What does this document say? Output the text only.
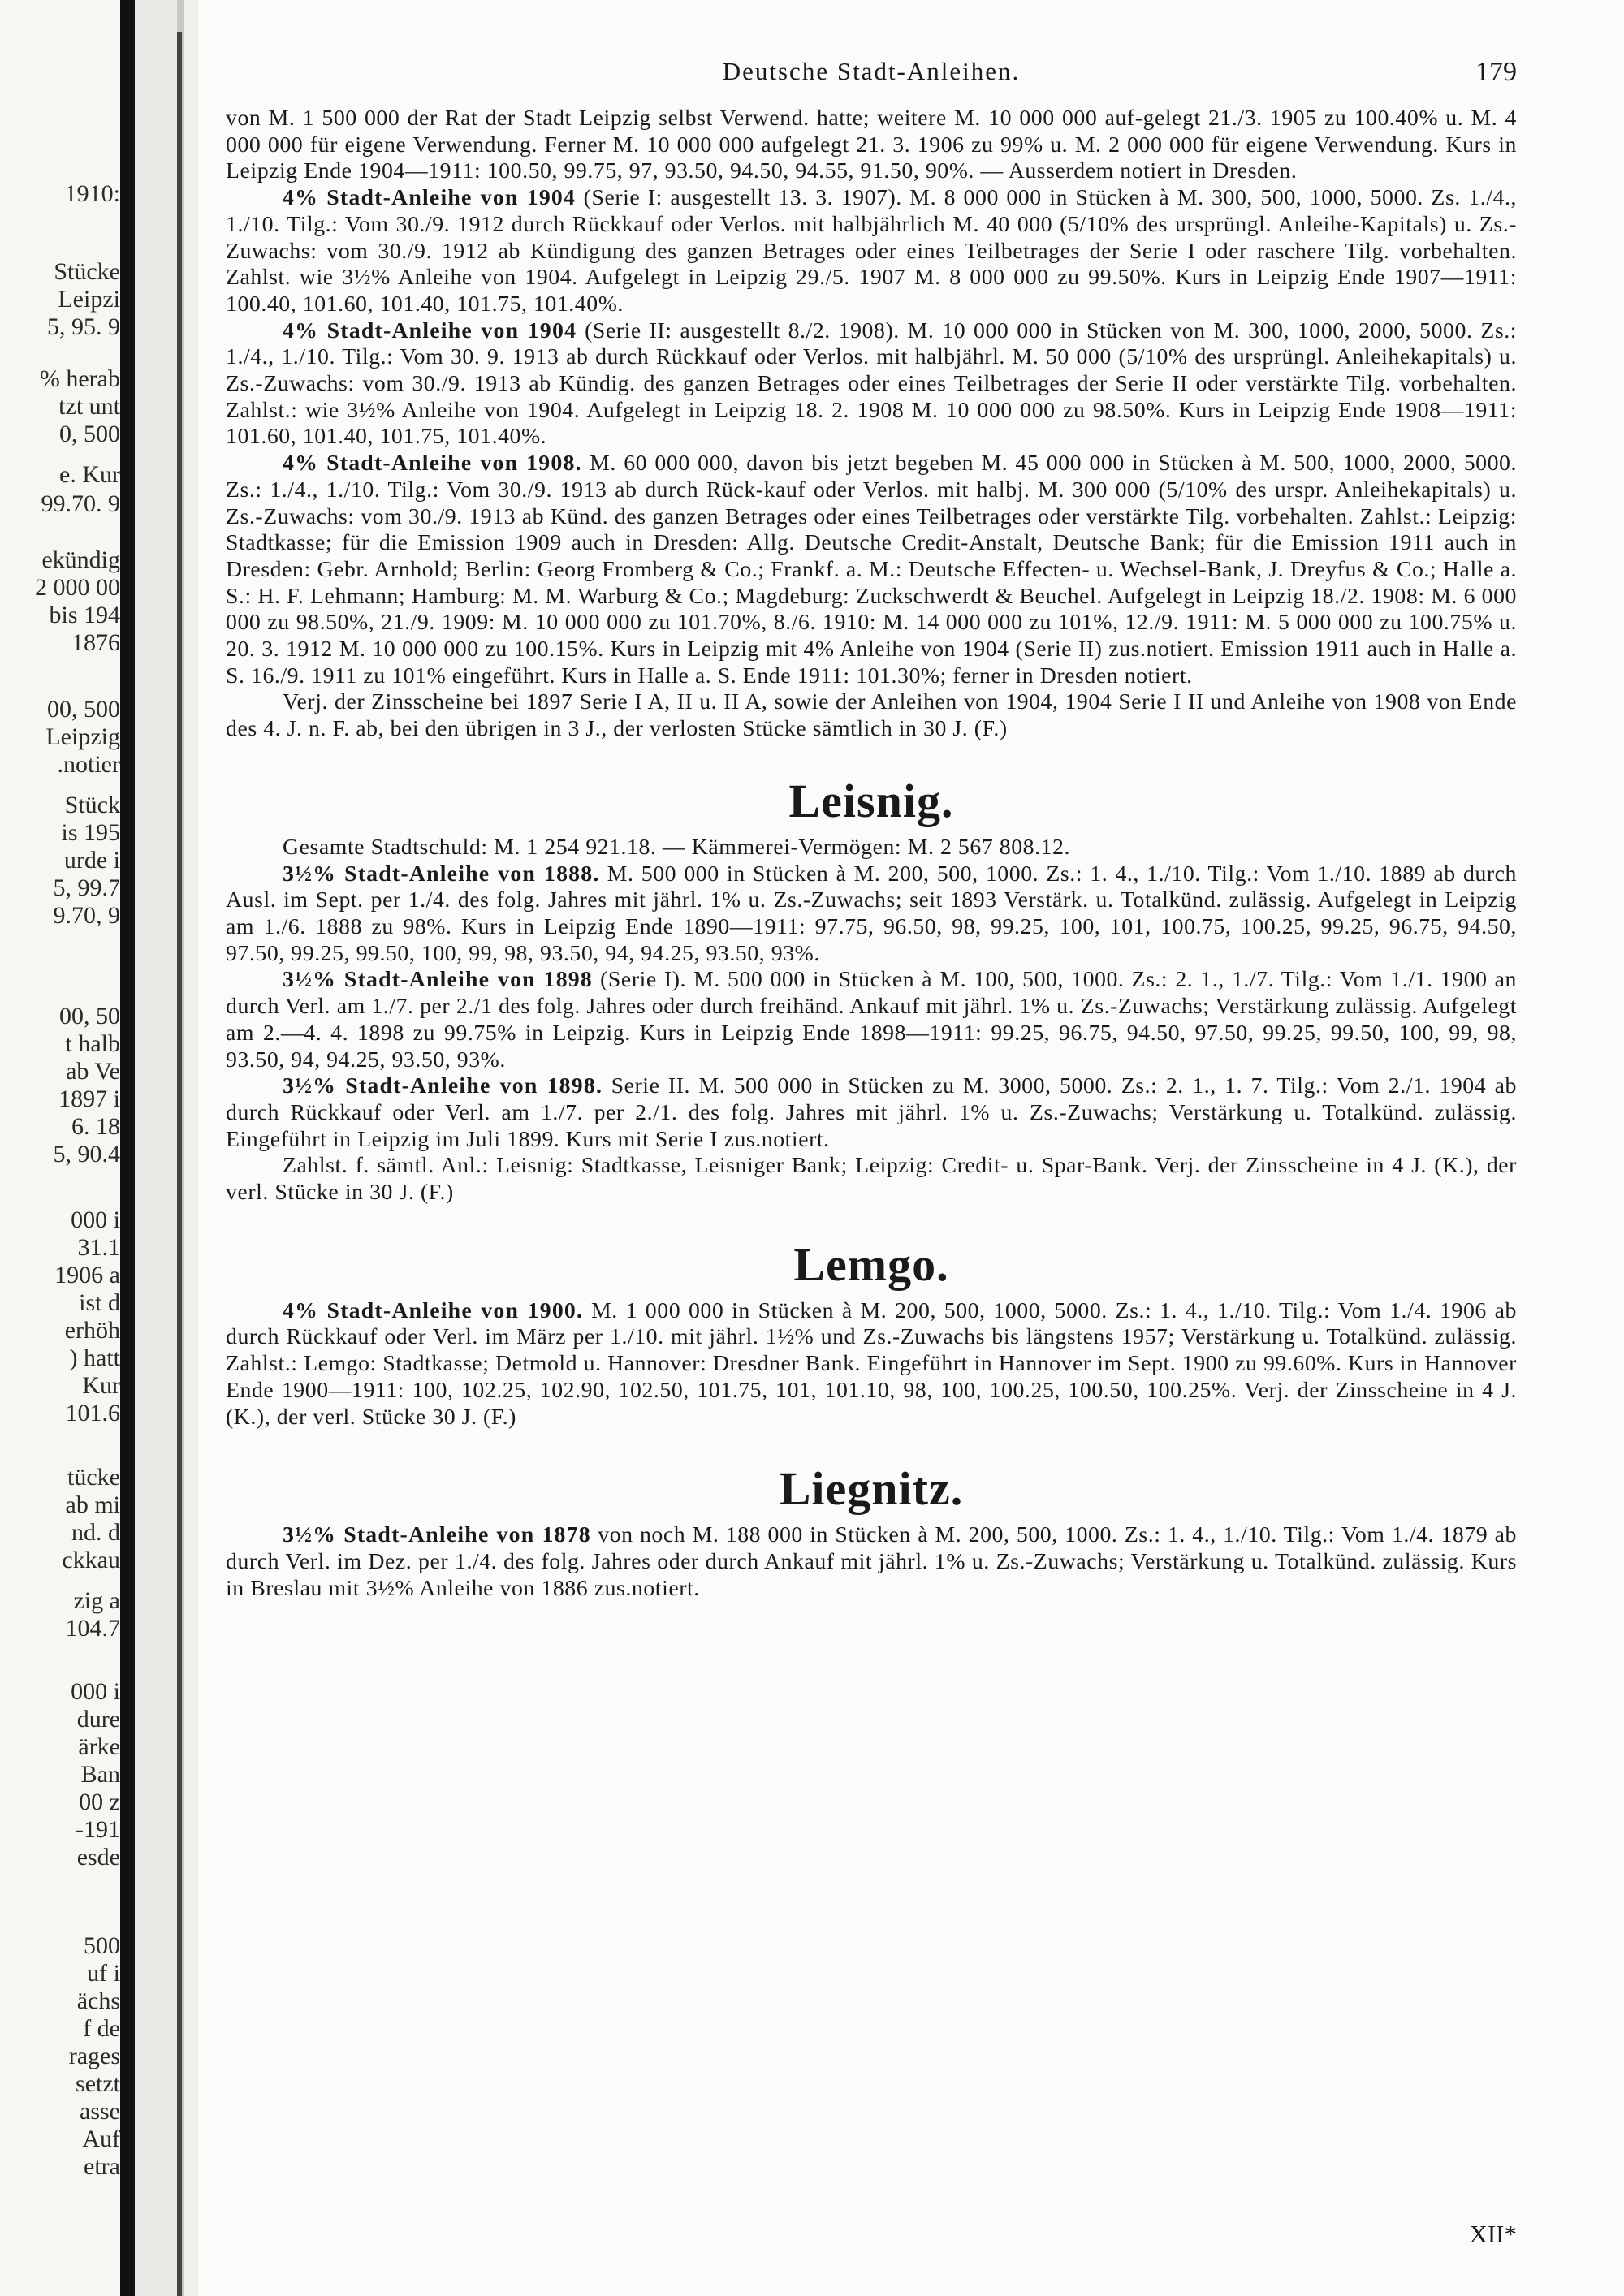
1910:
Stücke
Leipzi
5, 95. 9
% herab
tzt unt
0, 500
e. Kur
99.70. 9
ekündig
2 000 00
bis 194
1876
00, 500
Leipzig
.notier
Stück
is 195
urde i
5, 99.7
9.70, 9
00, 50
t halb
ab Ve
1897 i
6. 18
5, 90.4
000 i
31.1
1906 a
ist d
erhöh
) hatt
Kur
101.6
tücke
ab mi
nd. d
ckkau
zig a
104.7
000 i
dure
ärke
Ban
00 z
-191
esde
500
uf i
ächs
f de
rages
setzt
asse
Auf
etra
Deutsche Stadt-Anleihen.	179

von M. 1 500 000 der Rat der Stadt Leipzig selbst Verwend. hatte; weitere M. 10 000 000 auf-gelegt 21./3. 1905 zu 100.40% u. M. 4 000 000 für eigene Verwendung. Ferner M. 10 000 000 aufgelegt 21. 3. 1906 zu 99% u. M. 2 000 000 für eigene Verwendung. Kurs in Leipzig Ende 1904—1911: 100.50, 99.75, 97, 93.50, 94.50, 94.55, 91.50, 90%. — Ausserdem notiert in Dresden.

4% Stadt-Anleihe von 1904 (Serie I: ausgestellt 13. 3. 1907). M. 8 000 000 in Stücken à M. 300, 500, 1000, 5000. Zs. 1./4., 1./10. Tilg.: Vom 30./9. 1912 durch Rückkauf oder Verlos. mit halbjährlich M. 40 000 (5/10% des ursprüngl. Anleihe-Kapitals) u. Zs.-Zuwachs: vom 30./9. 1912 ab Kündigung des ganzen Betrages oder eines Teilbetrages der Serie I oder raschere Tilg. vorbehalten. Zahlst. wie 3½% Anleihe von 1904. Aufgelegt in Leipzig 29./5. 1907 M. 8 000 000 zu 99.50%. Kurs in Leipzig Ende 1907—1911: 100.40, 101.60, 101.40, 101.75, 101.40%.

4% Stadt-Anleihe von 1904 (Serie II: ausgestellt 8./2. 1908). M. 10 000 000 in Stücken von M. 300, 1000, 2000, 5000. Zs.: 1./4., 1./10. Tilg.: Vom 30. 9. 1913 ab durch Rückkauf oder Verlos. mit halbjährl. M. 50 000 (5/10% des ursprüngl. Anleihekapitals) u. Zs.-Zuwachs: vom 30./9. 1913 ab Kündig. des ganzen Betrages oder eines Teilbetrages der Serie II oder verstärkte Tilg. vorbehalten. Zahlst.: wie 3½% Anleihe von 1904. Aufgelegt in Leipzig 18. 2. 1908 M. 10 000 000 zu 98.50%. Kurs in Leipzig Ende 1908—1911: 101.60, 101.40, 101.75, 101.40%.

4% Stadt-Anleihe von 1908. M. 60 000 000, davon bis jetzt begeben M. 45 000 000 in Stücken à M. 500, 1000, 2000, 5000. Zs.: 1./4., 1./10. Tilg.: Vom 30./9. 1913 ab durch Rück-kauf oder Verlos. mit halbj. M. 300 000 (5/10% des urspr. Anleihekapitals) u. Zs.-Zuwachs: vom 30./9. 1913 ab Künd. des ganzen Betrages oder eines Teilbetrages oder verstärkte Tilg. vorbehalten. Zahlst.: Leipzig: Stadtkasse; für die Emission 1909 auch in Dresden: Allg. Deutsche Credit-Anstalt, Deutsche Bank; für die Emission 1911 auch in Dresden: Gebr. Arnhold; Berlin: Georg Fromberg & Co.; Frankf. a. M.: Deutsche Effecten- u. Wechsel-Bank, J. Dreyfus & Co.; Halle a. S.: H. F. Lehmann; Hamburg: M. M. Warburg & Co.; Magdeburg: Zuckschwerdt & Beuchel. Aufgelegt in Leipzig 18./2. 1908: M. 6 000 000 zu 98.50%, 21./9. 1909: M. 10 000 000 zu 101.70%, 8./6. 1910: M. 14 000 000 zu 101%, 12./9. 1911: M. 5 000 000 zu 100.75% u. 20. 3. 1912 M. 10 000 000 zu 100.15%. Kurs in Leipzig mit 4% Anleihe von 1904 (Serie II) zus.notiert. Emission 1911 auch in Halle a. S. 16./9. 1911 zu 101% eingeführt. Kurs in Halle a. S. Ende 1911: 101.30%; ferner in Dresden notiert.

Verj. der Zinsscheine bei 1897 Serie I A, II u. II A, sowie der Anleihen von 1904, 1904 Serie I II und Anleihe von 1908 von Ende des 4. J. n. F. ab, bei den übrigen in 3 J., der verlosten Stücke sämtlich in 30 J. (F.)

Leisnig.

Gesamte Stadtschuld: M. 1 254 921.18. — Kämmerei-Vermögen: M. 2 567 808.12.

3½% Stadt-Anleihe von 1888. M. 500 000 in Stücken à M. 200, 500, 1000. Zs.: 1. 4., 1./10. Tilg.: Vom 1./10. 1889 ab durch Ausl. im Sept. per 1./4. des folg. Jahres mit jährl. 1% u. Zs.-Zuwachs; seit 1893 Verstärk. u. Totalkünd. zulässig. Aufgelegt in Leipzig am 1./6. 1888 zu 98%. Kurs in Leipzig Ende 1890—1911: 97.75, 96.50, 98, 99.25, 100, 101, 100.75, 100.25, 99.25, 96.75, 94.50, 97.50, 99.25, 99.50, 100, 99, 98, 93.50, 94, 94.25, 93.50, 93%.

3½% Stadt-Anleihe von 1898 (Serie I). M. 500 000 in Stücken à M. 100, 500, 1000. Zs.: 2. 1., 1./7. Tilg.: Vom 1./1. 1900 an durch Verl. am 1./7. per 2./1 des folg. Jahres oder durch freihänd. Ankauf mit jährl. 1% u. Zs.-Zuwachs; Verstärkung zulässig. Aufgelegt am 2.—4. 4. 1898 zu 99.75% in Leipzig. Kurs in Leipzig Ende 1898—1911: 99.25, 96.75, 94.50, 97.50, 99.25, 99.50, 100, 99, 98, 93.50, 94, 94.25, 93.50, 93%.

3½% Stadt-Anleihe von 1898. Serie II. M. 500 000 in Stücken zu M. 3000, 5000. Zs.: 2. 1., 1. 7. Tilg.: Vom 2./1. 1904 ab durch Rückkauf oder Verl. am 1./7. per 2./1. des folg. Jahres mit jährl. 1% u. Zs.-Zuwachs; Verstärkung u. Totalkünd. zulässig. Eingeführt in Leipzig im Juli 1899. Kurs mit Serie I zus.notiert.

Zahlst. f. sämtl. Anl.: Leisnig: Stadtkasse, Leisniger Bank; Leipzig: Credit- u. Spar-Bank. Verj. der Zinsscheine in 4 J. (K.), der verl. Stücke in 30 J. (F.)

Lemgo.

4% Stadt-Anleihe von 1900. M. 1 000 000 in Stücken à M. 200, 500, 1000, 5000. Zs.: 1. 4., 1./10. Tilg.: Vom 1./4. 1906 ab durch Rückkauf oder Verl. im März per 1./10. mit jährl. 1½% und Zs.-Zuwachs bis längstens 1957; Verstärkung u. Totalkünd. zulässig. Zahlst.: Lemgo: Stadtkasse; Detmold u. Hannover: Dresdner Bank. Eingeführt in Hannover im Sept. 1900 zu 99.60%. Kurs in Hannover Ende 1900—1911: 100, 102.25, 102.90, 102.50, 101.75, 101, 101.10, 98, 100, 100.25, 100.50, 100.25%. Verj. der Zinsscheine in 4 J. (K.), der verl. Stücke 30 J. (F.)

Liegnitz.

3½% Stadt-Anleihe von 1878 von noch M. 188 000 in Stücken à M. 200, 500, 1000. Zs.: 1. 4., 1./10. Tilg.: Vom 1./4. 1879 ab durch Verl. im Dez. per 1./4. des folg. Jahres oder durch Ankauf mit jährl. 1% u. Zs.-Zuwachs; Verstärkung u. Totalkünd. zulässig. Kurs in Breslau mit 3½% Anleihe von 1886 zus.notiert.

XII*
